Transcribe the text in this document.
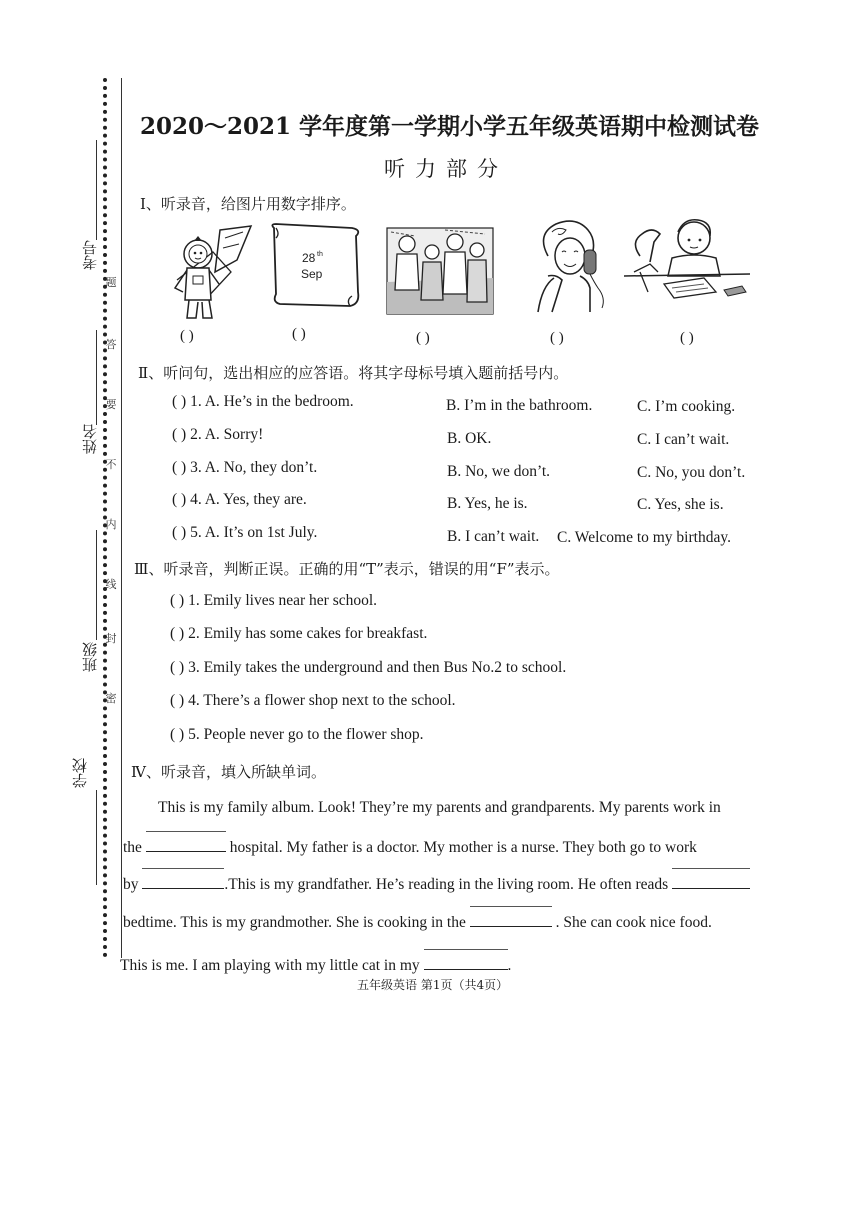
考号
姓名
班级
学校
题
答
要
不
内
线
封
密
2020～2021 学年度第一学期小学五年级英语期中检测试卷
听力部分
Ⅰ、听录音，给图片用数字排序。
( )
28 th
Sep
( )	( )	( )	( )
Ⅱ、听问句，选出相应的应答语。将其字母标号填入题前括号内。
( ) 1. A. He’s in the bedroom.	B. I’m in the bathroom.	C. I’m cooking.
( ) 2. A. Sorry!	B. OK.	C. I can’t wait.
( ) 3. A. No, they don’t.	B. No, we don’t.	C. No, you don’t.
( ) 4. A. Yes, they are.	B. Yes, he is.	C. Yes, she is.
( ) 5. A. It’s on 1st July.	B. I can’t wait. C. Welcome to my birthday.
Ⅲ、听录音，判断正误。正确的用“T”表示，错误的用“F”表示。
( ) 1. Emily lives near her school.
( ) 2. Emily has some cakes for breakfast.
( ) 3. Emily takes the underground and then Bus No.2 to school.
( ) 4. There’s a flower shop next to the school.
( ) 5. People never go to the flower shop.
Ⅳ、听录音，填入所缺单词。
This is my family album. Look! They’re my parents and grandparents. My parents work in
the	hospital. My father is a doctor. My mother is a nurse. They both go to work
by	.This is my grandfather. He’s reading in the living room. He often reads
bedtime. This is my grandmother. She is cooking in the	. She can cook nice food.
This is me. I am playing with my little cat in my	.
五年级英语 第1页（共4页）
